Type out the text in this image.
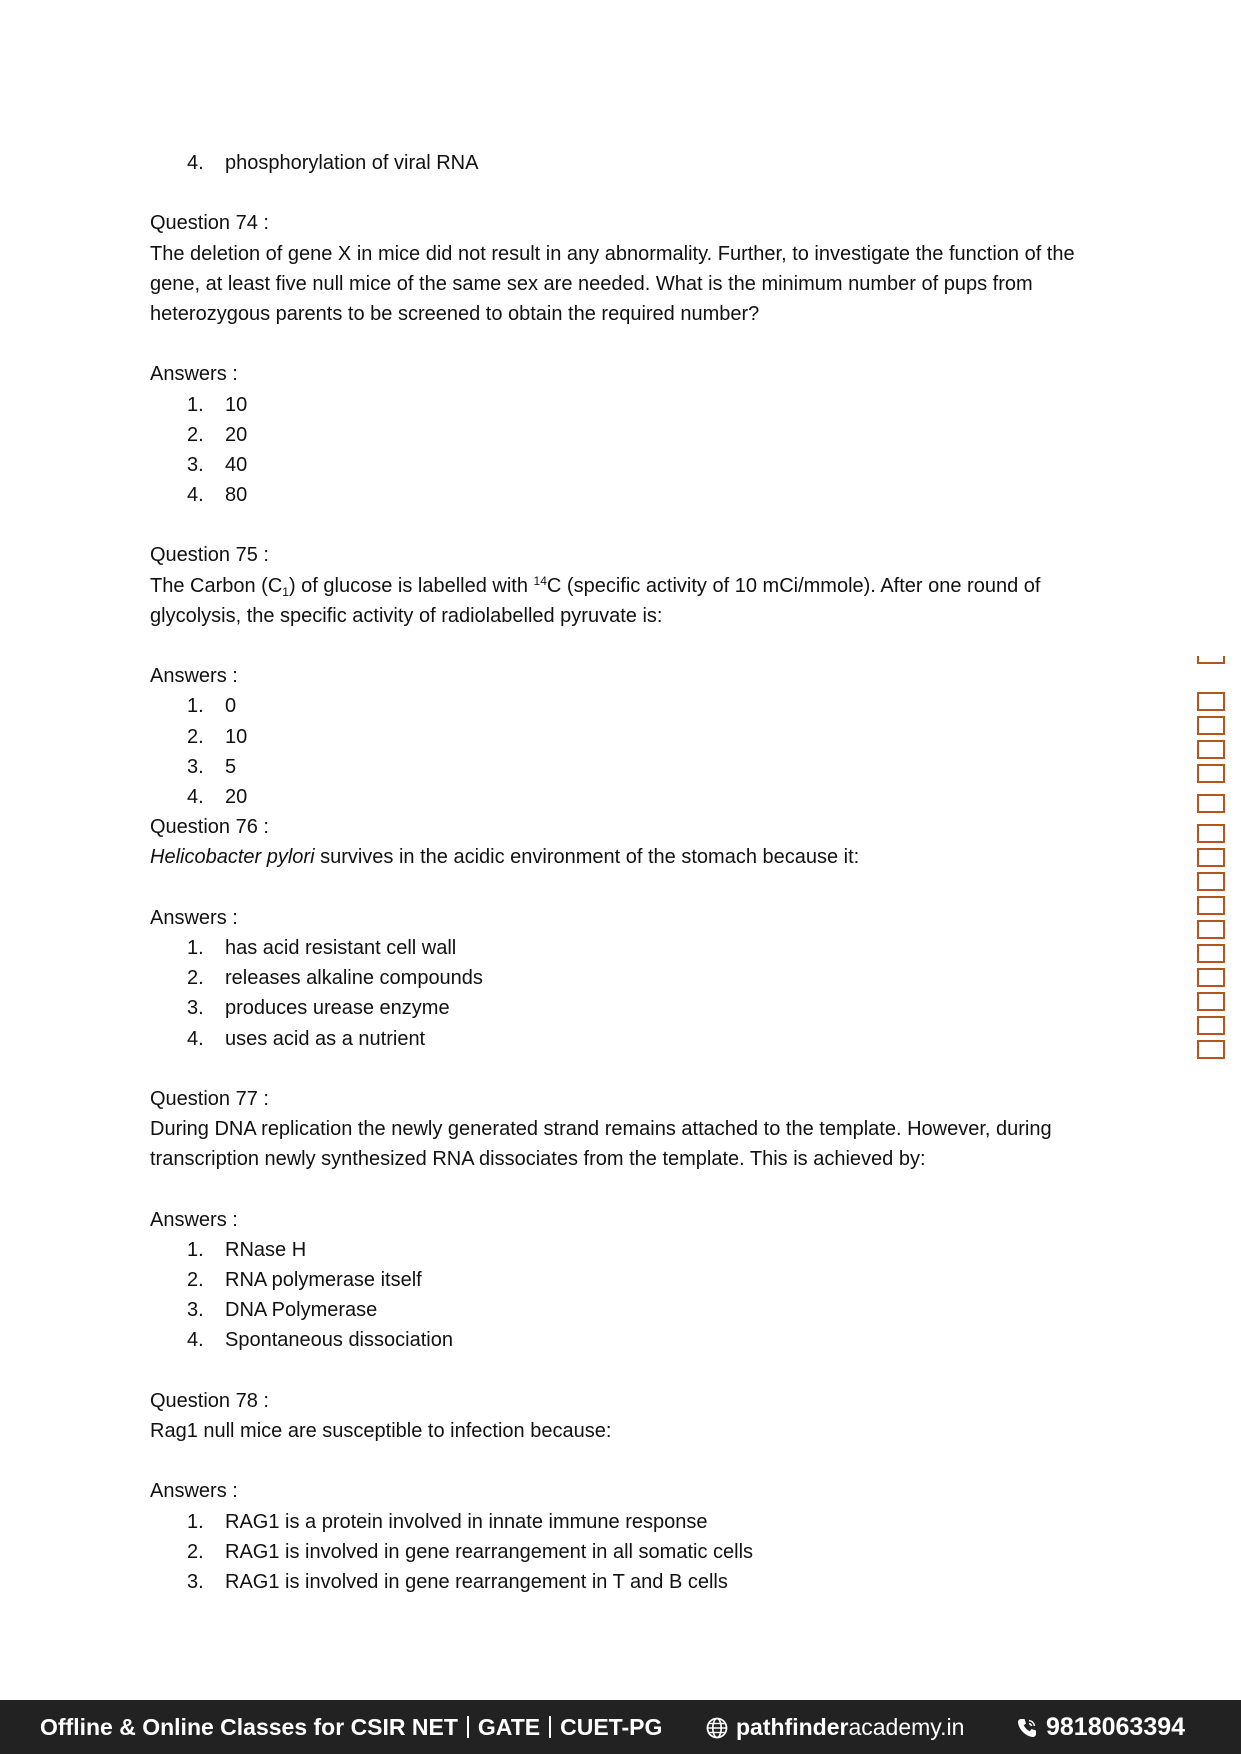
4.	phosphorylation of viral RNA
Question 74 :
The deletion of gene X in mice did not result in any abnormality. Further, to investigate the function of the gene, at least five null mice of the same sex are needed. What is the minimum number of pups from heterozygous parents to be screened to obtain the required number?
Answers :
1.	10
2.	20
3.	40
4.	80
Question 75 :
The Carbon $(C_1)$ of glucose is labelled with $^{14}$C (specific activity of 10 mCi/mmole). After one round of glycolysis, the specific activity of radiolabelled pyruvate is:
Answers :
1.	0
2.	10
3.	5
4.	20
Question 76 :
Helicobacter pylori survives in the acidic environment of the stomach because it:
Answers :
1.	has acid resistant cell wall
2.	releases alkaline compounds
3.	produces urease enzyme
4.	uses acid as a nutrient
Question 77 :
During DNA replication the newly generated strand remains attached to the template. However, during transcription newly synthesized RNA dissociates from the template. This is achieved by:
Answers :
1.	RNase H
2.	RNA polymerase itself
3.	DNA Polymerase
4.	Spontaneous dissociation
Question 78 :
Rag1 null mice are susceptible to infection because:
Answers :
1.	RAG1 is a protein involved in innate immune response
2.	RAG1 is involved in gene rearrangement in all somatic cells
3.	RAG1 is involved in gene rearrangement in T and B cells
Offline & Online Classes for CSIR NET GATE CUET-PG	pathfinderacademy.in	9818063394
